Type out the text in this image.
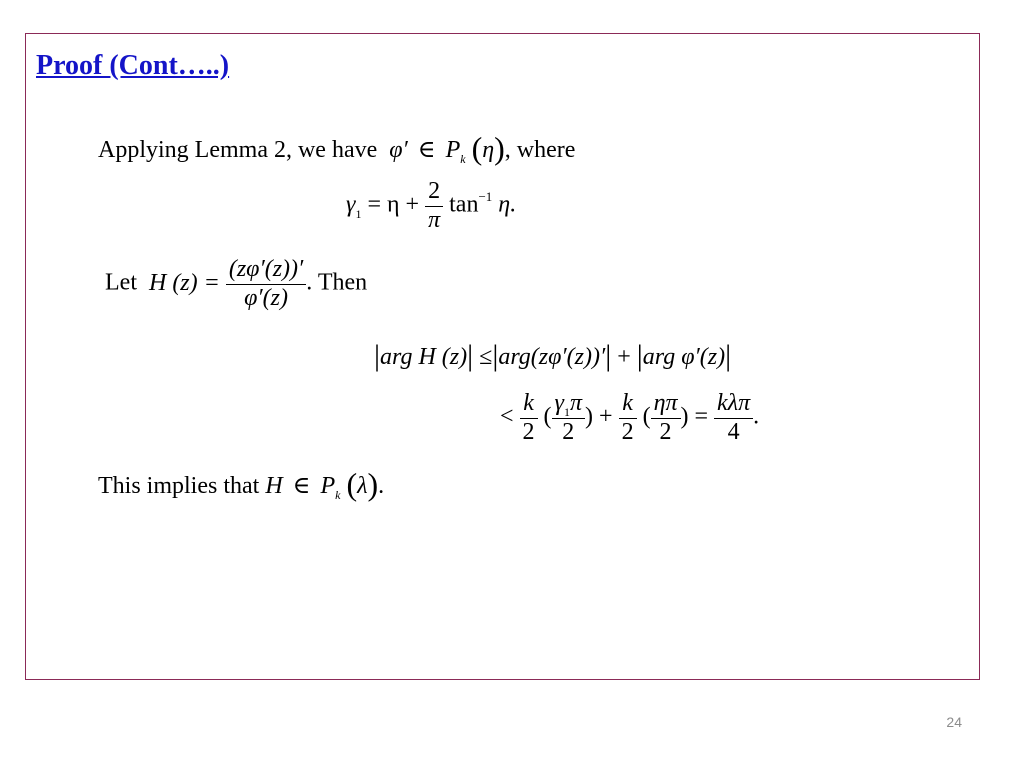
Proof (Cont…..)
Applying Lemma 2, we have φ′ ∈ $P_k$ (η), where
$\gamma_1 = \eta + \frac{2}{\pi} \tan^{-1} \eta$.
Let H $(z) = \frac{(z\varphi'(z))'}{\varphi'(z)}$ . Then
|arg H (z)| ≤|arg(zφ′(z))′| + |arg φ′(z)|
< $\frac{k}{2}$ ( $\frac{\gamma_1\pi}{2}$ ) + $\frac{k}{2}$ ( $\frac{\eta\pi}{2}$ ) = $\frac{\text{kλπ}}{4}$ .
This implies that H ∈ $P_k$ (λ).
24
